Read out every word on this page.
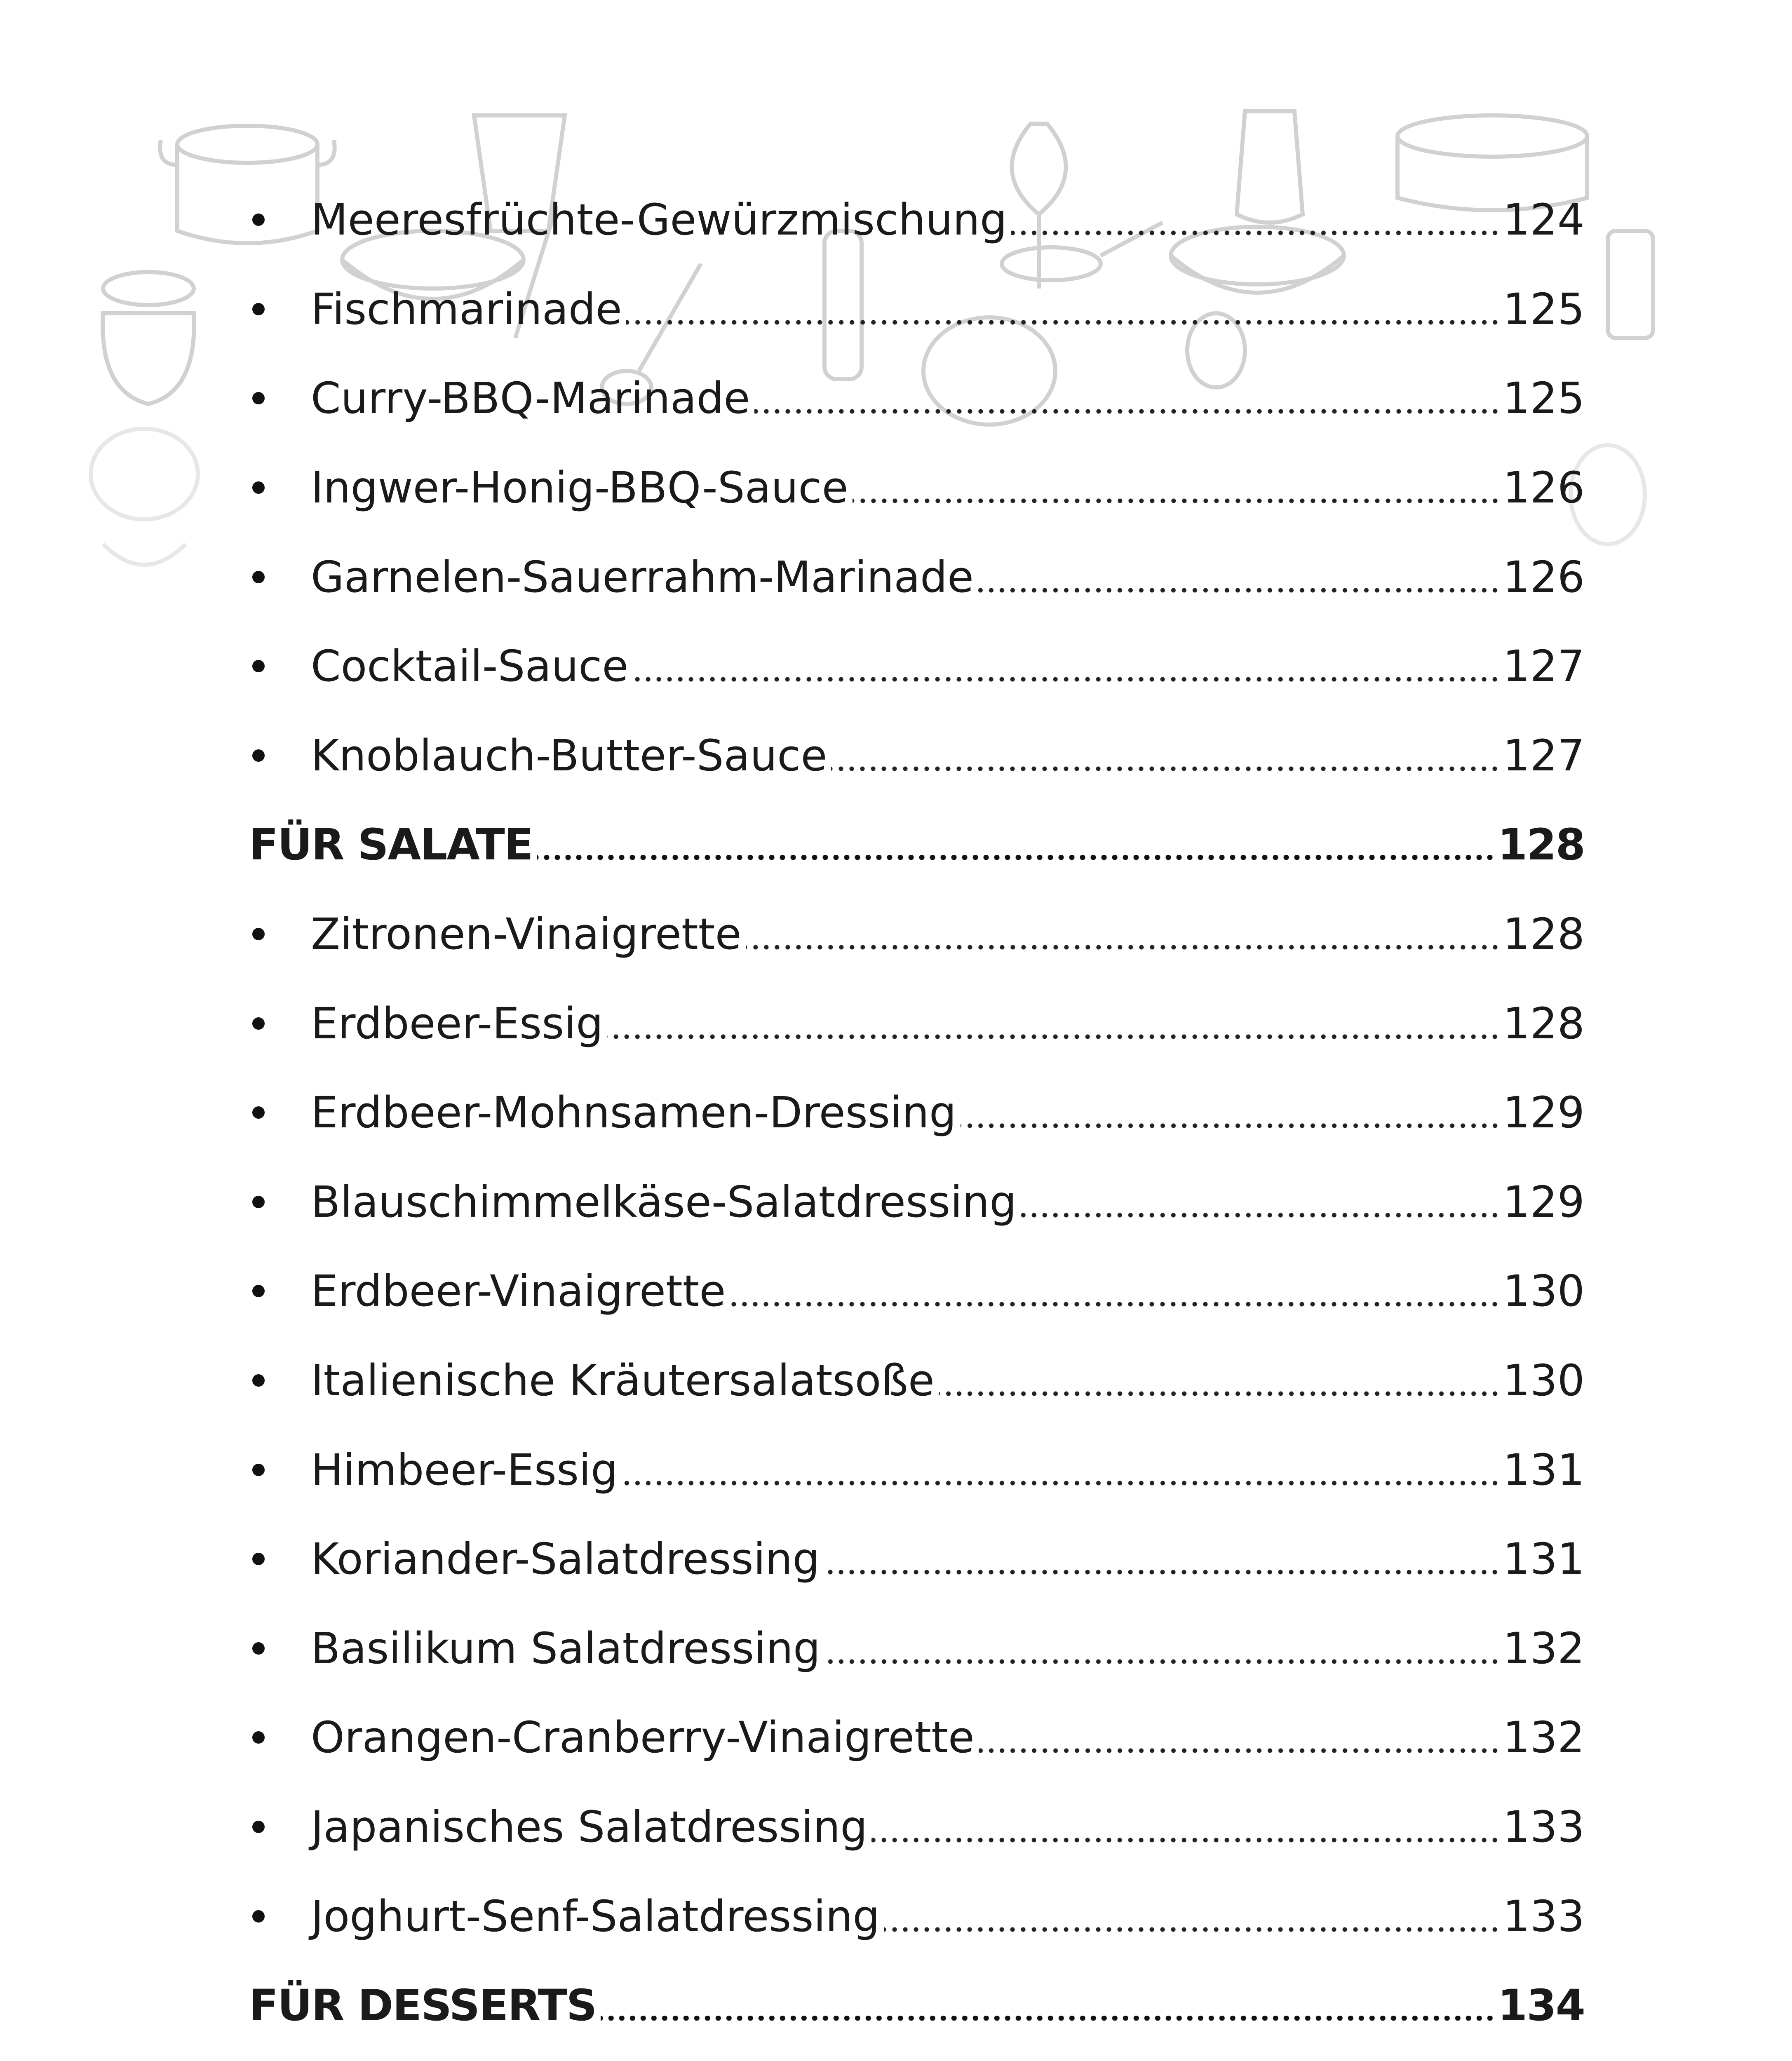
Meeresfrüchte-Gewürzmischung	124
Fischmarinade	125
Curry-BBQ-Marinade	125
Ingwer-Honig-BBQ-Sauce	126
Garnelen-Sauerrahm-Marinade	126
Cocktail-Sauce	127
Knoblauch-Butter-Sauce	127
FÜR SALATE	128
Zitronen-Vinaigrette	128
Erdbeer-Essig	128
Erdbeer-Mohnsamen-Dressing	129
Blauschimmelkäse-Salatdressing	129
Erdbeer-Vinaigrette	130
Italienische Kräutersalatsoße	130
Himbeer-Essig	131
Koriander-Salatdressing	131
Basilikum Salatdressing	132
Orangen-Cranberry-Vinaigrette	132
Japanisches Salatdressing	133
Joghurt-Senf-Salatdressing	133
FÜR DESSERTS	134
